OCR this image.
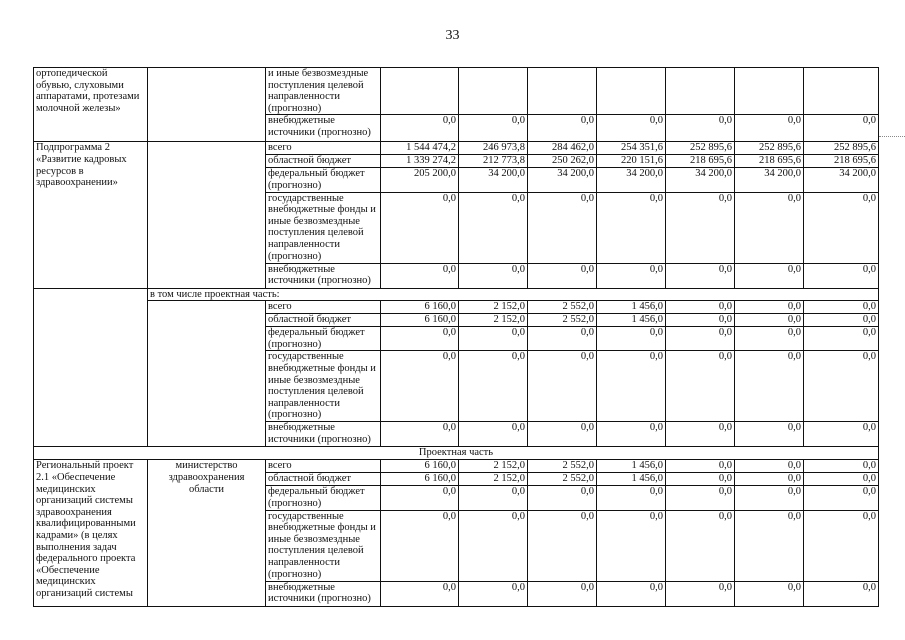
33
ортопедической обувью, слуховыми аппаратами, протезами молочной железы»		и иные безвозмездные поступления целевой направленности (прогнозно)							
		внебюджетные источники (прогнозно)	0,0	0,0	0,0	0,0	0,0	0,0	0,0
Подпрограмма 2 «Развитие кадровых ресурсов в здравоохранении»		всего	1 544 474,2	246 973,8	284 462,0	254 351,6	252 895,6	252 895,6	252 895,6
		областной бюджет	1 339 274,2	212 773,8	250 262,0	220 151,6	218 695,6	218 695,6	218 695,6
		федеральный бюджет (прогнозно)	205 200,0	34 200,0	34 200,0	34 200,0	34 200,0	34 200,0	34 200,0
		государственные внебюджетные фонды и иные безвозмездные поступления целевой направленности (прогнозно)	0,0	0,0	0,0	0,0	0,0	0,0	0,0
		внебюджетные источники (прогнозно)	0,0	0,0	0,0	0,0	0,0	0,0	0,0
	в том числе проектная часть:								
		всего	6 160,0	2 152,0	2 552,0	1 456,0	0,0	0,0	0,0
		областной бюджет	6 160,0	2 152,0	2 552,0	1 456,0	0,0	0,0	0,0
		федеральный бюджет (прогнозно)	0,0	0,0	0,0	0,0	0,0	0,0	0,0
		государственные внебюджетные фонды и иные безвозмездные поступления целевой направленности (прогнозно)	0,0	0,0	0,0	0,0	0,0	0,0	0,0
		внебюджетные источники (прогнозно)	0,0	0,0	0,0	0,0	0,0	0,0	0,0
Проектная часть									
Региональный проект 2.1 «Обеспечение медицинских организаций системы здравоохранения квалифицированными кадрами» (в целях выполнения задач федерального проекта «Обеспечение медицинских организаций системы	министерство здравоохранения области	всего	6 160,0	2 152,0	2 552,0	1 456,0	0,0	0,0	0,0
		областной бюджет	6 160,0	2 152,0	2 552,0	1 456,0	0,0	0,0	0,0
		федеральный бюджет (прогнозно)	0,0	0,0	0,0	0,0	0,0	0,0	0,0
		государственные внебюджетные фонды и иные безвозмездные поступления целевой направленности (прогнозно)	0,0	0,0	0,0	0,0	0,0	0,0	0,0
		внебюджетные источники (прогнозно)	0,0	0,0	0,0	0,0	0,0	0,0	0,0
